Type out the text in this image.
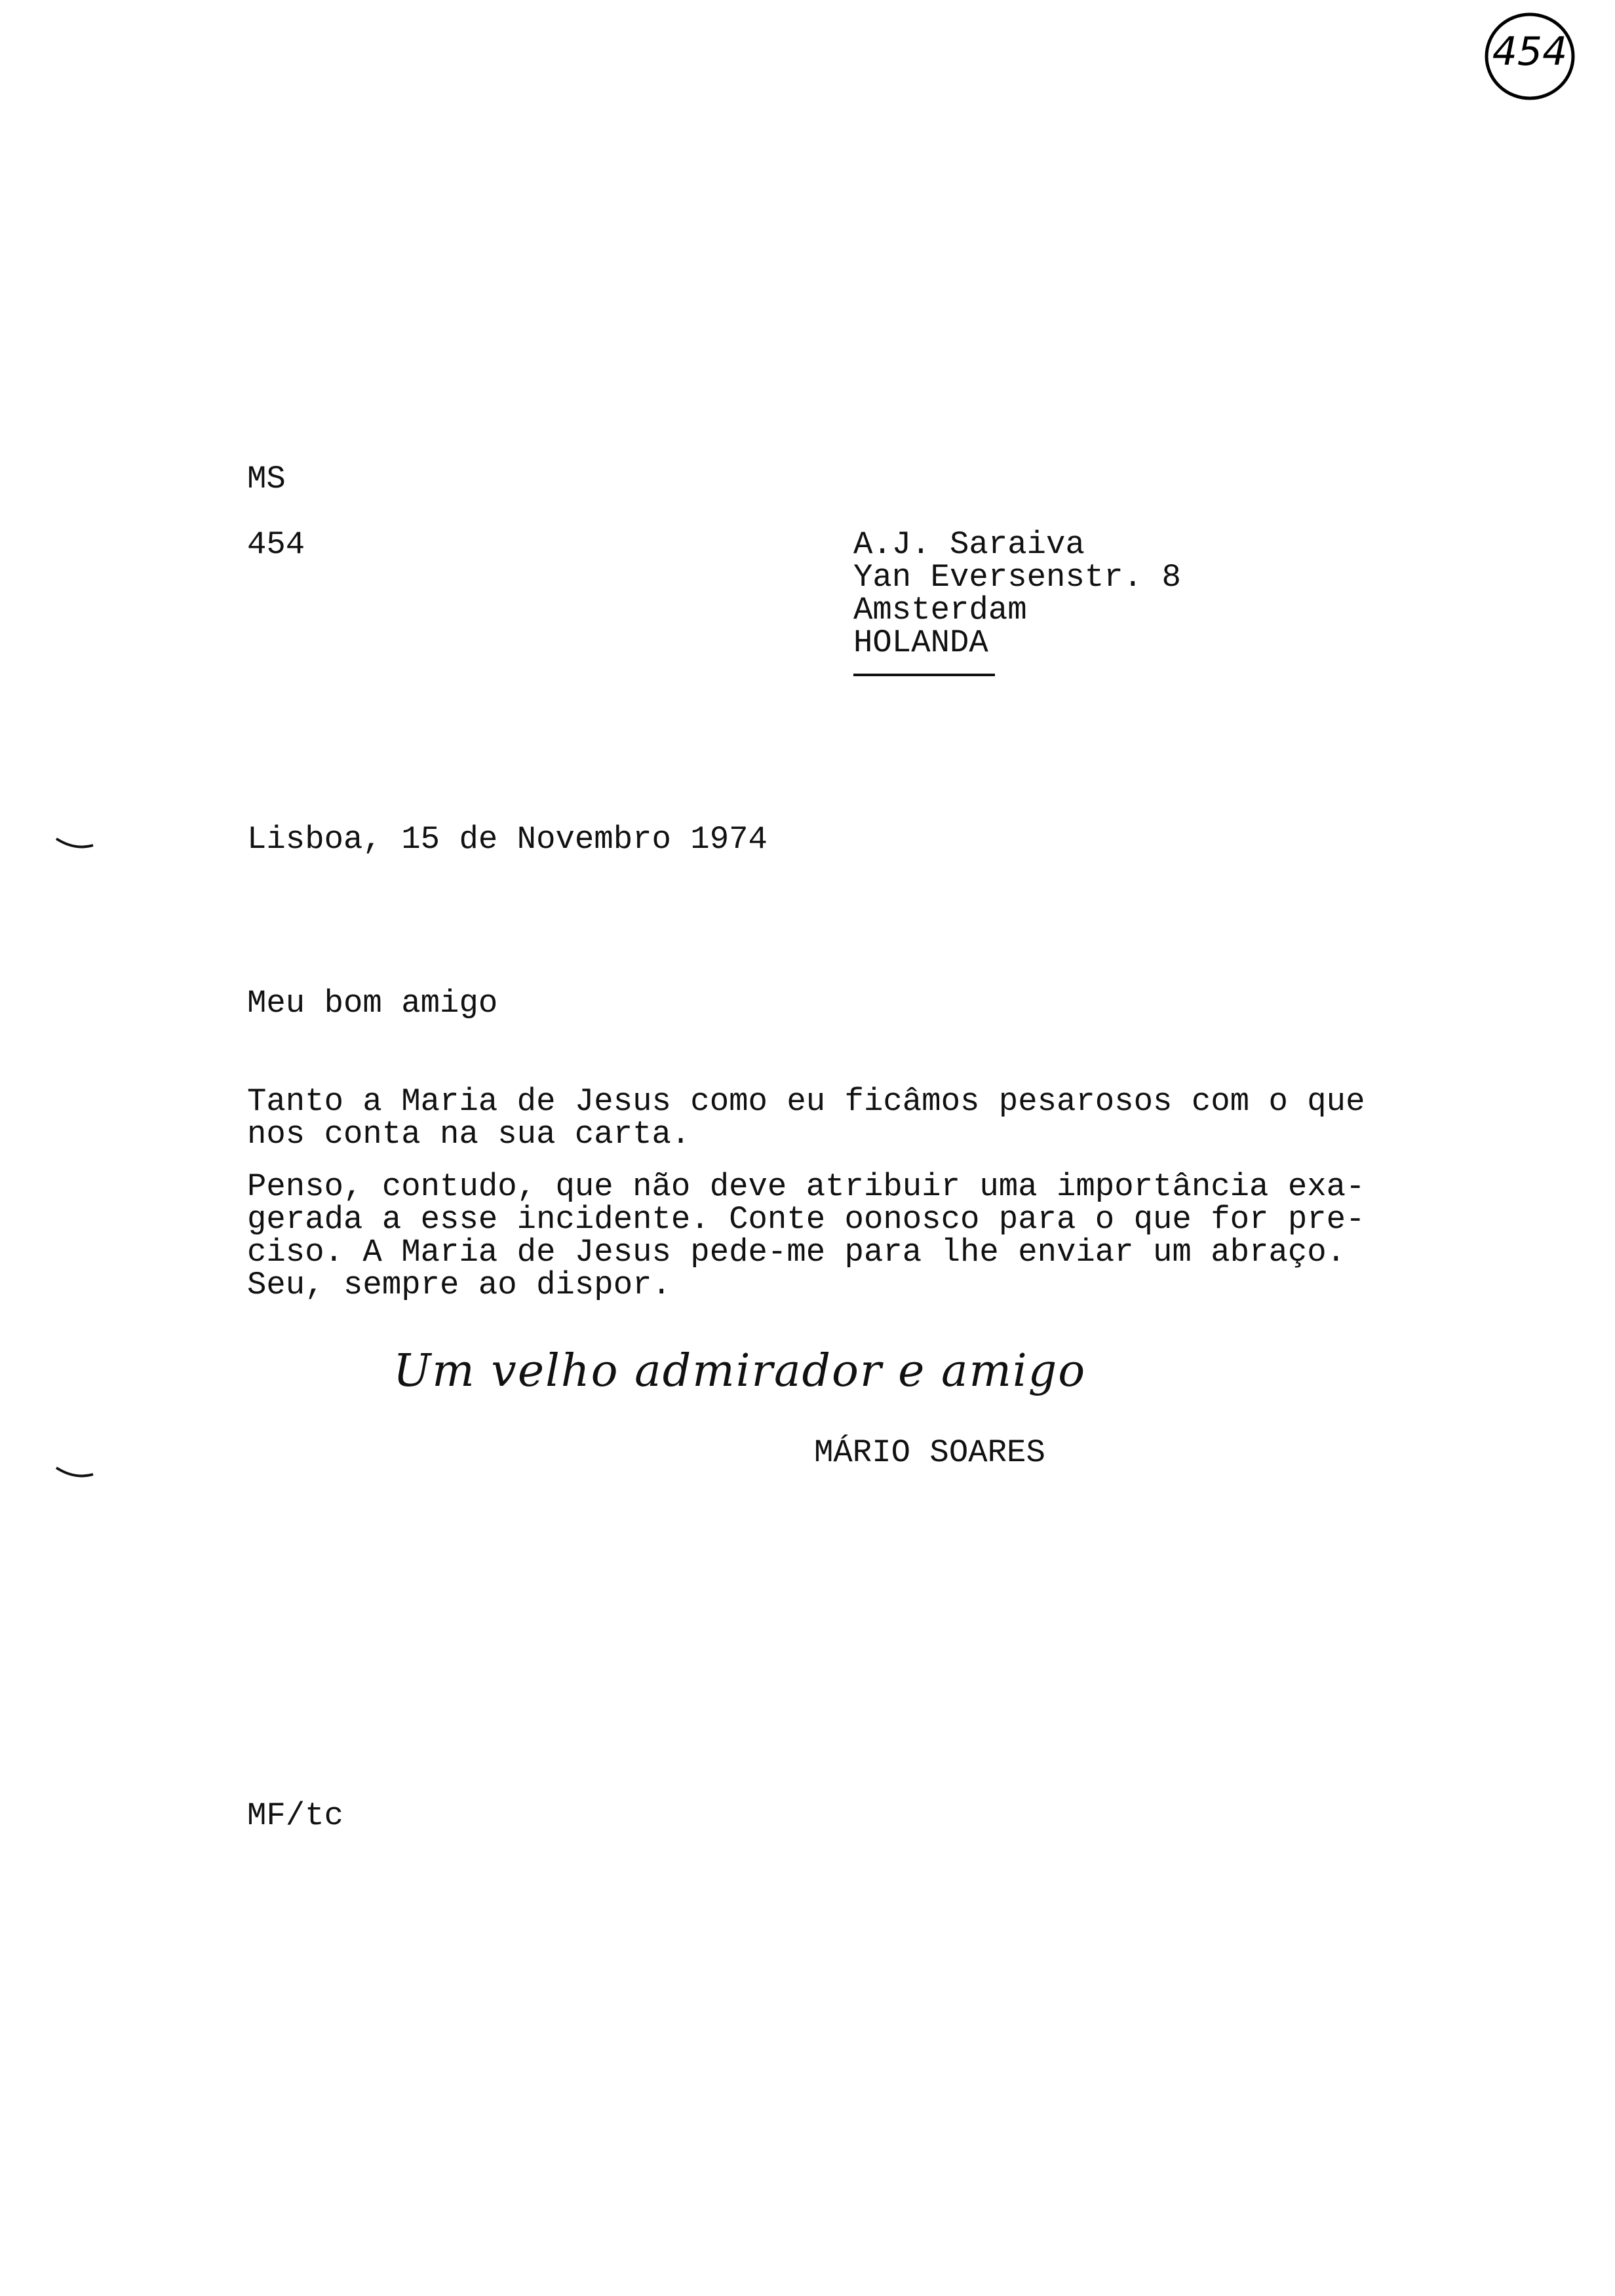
454
MS
454	A.J. Saraiva
Yan Eversenstr. 8
Amsterdam
HOLANDA
Lisboa, 15 de Novembro 1974
Meu bom amigo
Tanto a Maria de Jesus como eu ficâmos pesarosos com o que
nos conta na sua carta.
Penso, contudo, que não deve atribuir uma importância exa-
gerada a esse incidente. Conte oonosco para o que for pre-
ciso. A Maria de Jesus pede-me para lhe enviar um abraço.
Seu, sempre ao dispor.
Um velho admirador e amigo
MÁRIO SOARES
MF/tc
